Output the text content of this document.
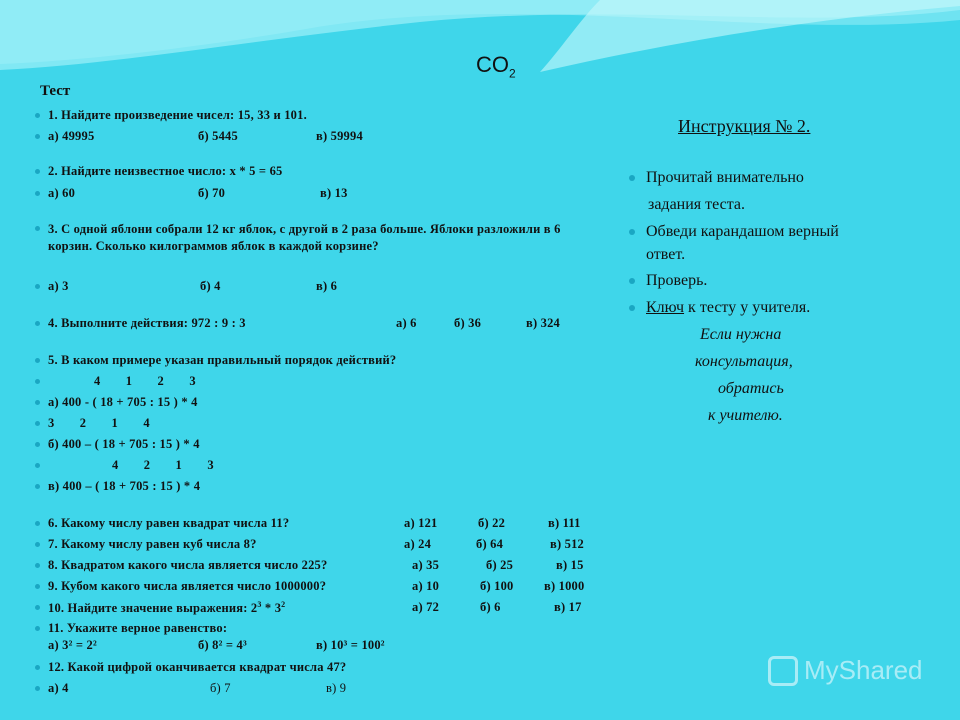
$CO_2$
Тест
1. Найдите произведение чисел: 15, 33 и 101.
а) 49995	б) 5445	в) 59994
2. Найдите неизвестное число: х * 5 = 65
а) 60	б) 70	в) 13
3. С одной яблони собрали 12 кг яблок, с другой в 2 раза больше. Яблоки разложили в 6 корзин. Сколько килограммов яблок в каждой корзине?
а) 3	б) 4	в) 6
4. Выполните действия: 972 : 9 : 3	а) 6	б) 36	в) 324
5. В каком примере указан правильный порядок действий?
4 1 2 3
а) 400 - ( 18 + 705 : 15 ) * 4
3 2 1 4
б) 400 – ( 18 + 705 : 15 ) * 4
4 2 1 3
в) 400 – ( 18 + 705 : 15 ) * 4
6. Какому числу равен квадрат числа 11?	а) 121	б) 22	в) 111
7. Какому числу равен куб числа 8?	а) 24	б) 64	в) 512
8. Квадратом какого числа является число 225?	а) 35	б) 25	в) 15
9. Кубом какого числа является число 1000000?	а) 10	б) 100 в) 1000
10. Найдите значение выражения: $2^3 * 3^2$	а) 72	б) 6	в) 17
11. Укажите верное равенство:
а) 3² = 2²	б) 8² = 4³	в) 10³ = 100²
12. Какой цифрой оканчивается квадрат числа 47?
а) 4	б) 7	в) 9
Инструкция № 2.
Прочитай внимательно
задания теста.
Обведи карандашом верный
ответ.
Проверь.
Ключ к тесту у учителя.
Если нужна
консультация,
обратись
к учителю.
MyShared
